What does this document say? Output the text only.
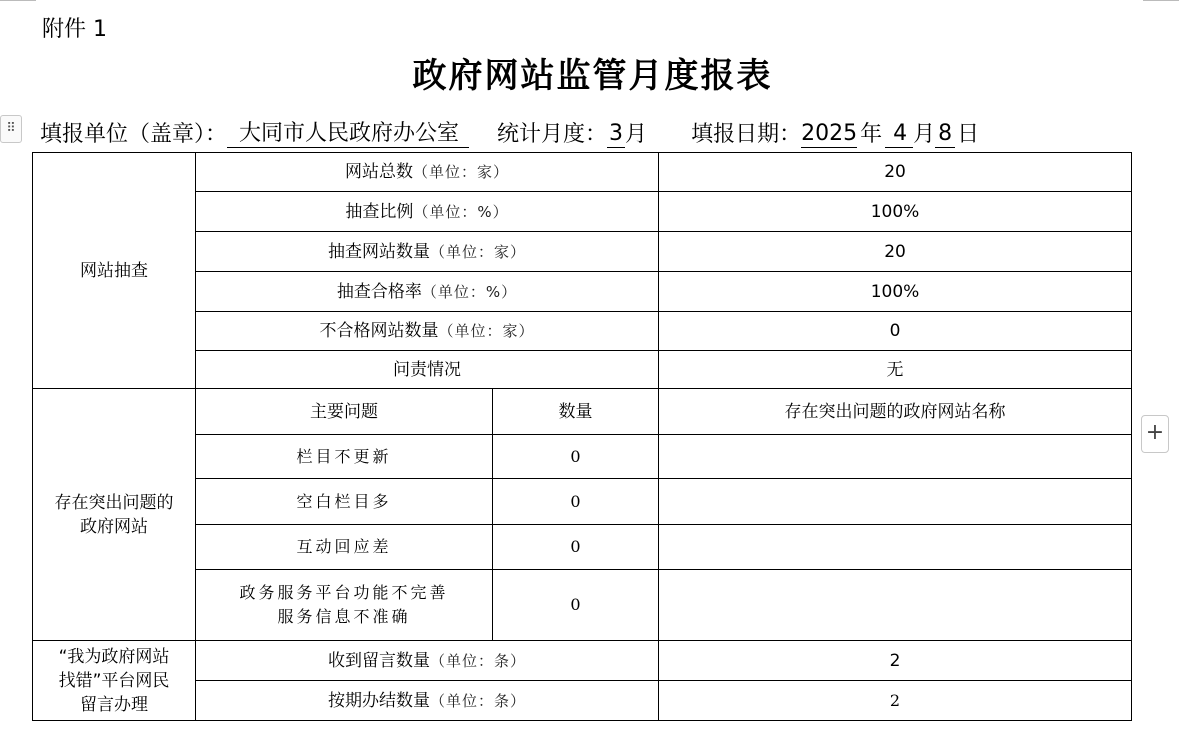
附件 1
政府网站监管月度报表
⠿ 填报单位（盖章）： 大同市人民政府办公室	统计月度： 3 月 填报日期： 2025 年 4 月 8 日
网站抽查	网站总数（单位：家）		20
	抽查比例（单位：%）		100%
	抽查网站数量（单位：家）		20
	抽查合格率（单位：%）		100%
	不合格网站数量（单位：家）		0
	问责情况		无
存在突出问题的
政府网站	主要问题	数量	存在突出问题的政府网站名称
	栏目不更新	0	
	空白栏目多	0	
	互动回应差	0	
	政务服务平台功能不完善
服务信息不准确	0	
“我为政府网站
找错”平台网民
留言办理	收到留言数量（单位：条）		2
	按期办结数量（单位：条）		2
+
